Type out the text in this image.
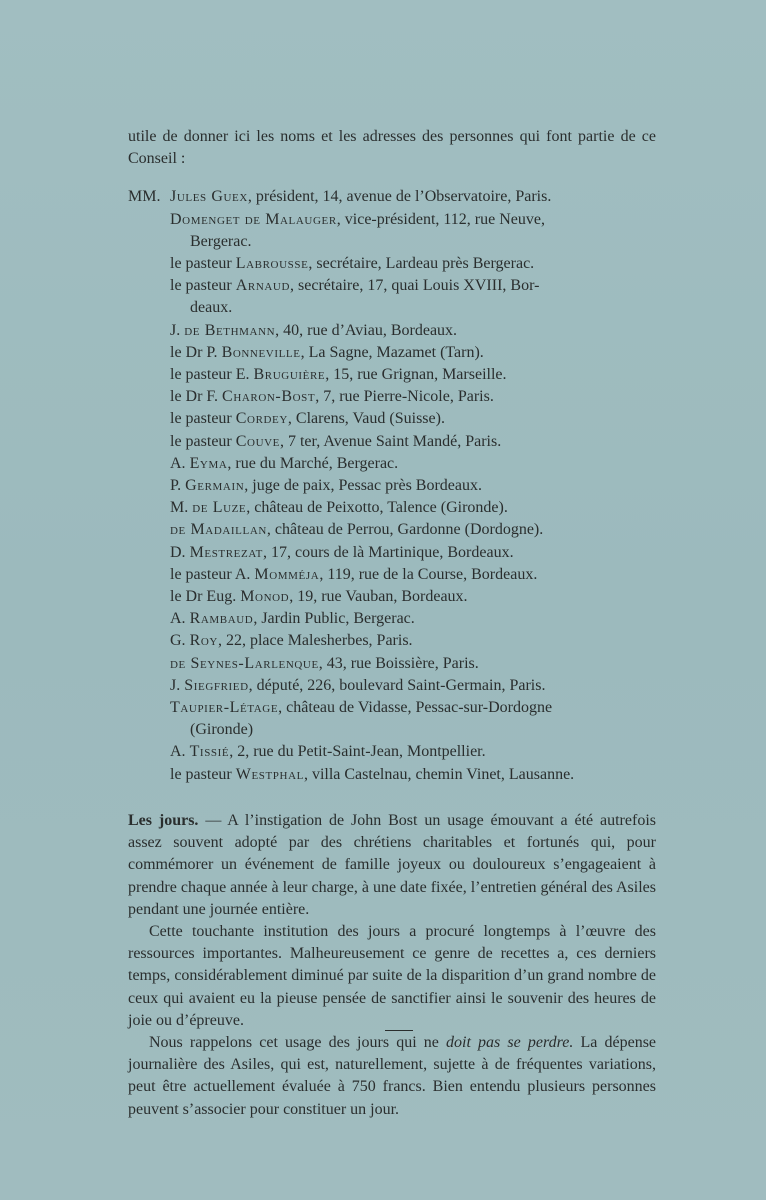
utile de donner ici les noms et les adresses des personnes qui font partie de ce Conseil :

MM. Jules Guex, président, 14, avenue de l’Observatoire, Paris.
Domenget de Malauger, vice-président, 112, rue Neuve,
Bergerac.
le pasteur Labrousse, secrétaire, Lardeau près Bergerac.
le pasteur Arnaud, secrétaire, 17, quai Louis XVIII, Bor-
deaux.
J. de Bethmann, 40, rue d’Aviau, Bordeaux.
le Dr P. Bonneville, La Sagne, Mazamet (Tarn).
le pasteur E. Bruguière, 15, rue Grignan, Marseille.
le Dr F. Charon-Bost, 7, rue Pierre-Nicole, Paris.
le pasteur Cordey, Clarens, Vaud (Suisse).
le pasteur Couve, 7 ter, Avenue Saint Mandé, Paris.
A. Eyma, rue du Marché, Bergerac.
P. Germain, juge de paix, Pessac près Bordeaux.
M. de Luze, château de Peixotto, Talence (Gironde).
de Madaillan, château de Perrou, Gardonne (Dordogne).
D. Mestrezat, 17, cours de là Martinique, Bordeaux.
le pasteur A. Momméja, 119, rue de la Course, Bordeaux.
le Dr Eug. Monod, 19, rue Vauban, Bordeaux.
A. Rambaud, Jardin Public, Bergerac.
G. Roy, 22, place Malesherbes, Paris.
de Seynes-Larlenque, 43, rue Boissière, Paris.
J. Siegfried, député, 226, boulevard Saint-Germain, Paris.
Taupier-Létage, château de Vidasse, Pessac-sur-Dordogne
(Gironde)
A. Tissié, 2, rue du Petit-Saint-Jean, Montpellier.
le pasteur Westphal, villa Castelnau, chemin Vinet, Lausanne.

Les jours. — A l’instigation de John Bost un usage émouvant a été autrefois assez souvent adopté par des chrétiens charitables et fortunés qui, pour commémorer un événement de famille joyeux ou douloureux s’engageaient à prendre chaque année à leur charge, à une date fixée, l’entretien général des Asiles pendant une journée entière.

Cette touchante institution des jours a procuré longtemps à l’œuvre des ressources importantes. Malheureusement ce genre de recettes a, ces derniers temps, considérablement diminué par suite de la disparition d’un grand nombre de ceux qui avaient eu la pieuse pensée de sanctifier ainsi le souvenir des heures de joie ou d’épreuve.

Nous rappelons cet usage des jours qui ne doit pas se perdre. La dépense journalière des Asiles, qui est, naturellement, sujette à de fréquentes variations, peut être actuellement évaluée à 750 francs. Bien entendu plusieurs personnes peuvent s’associer pour constituer un jour.
